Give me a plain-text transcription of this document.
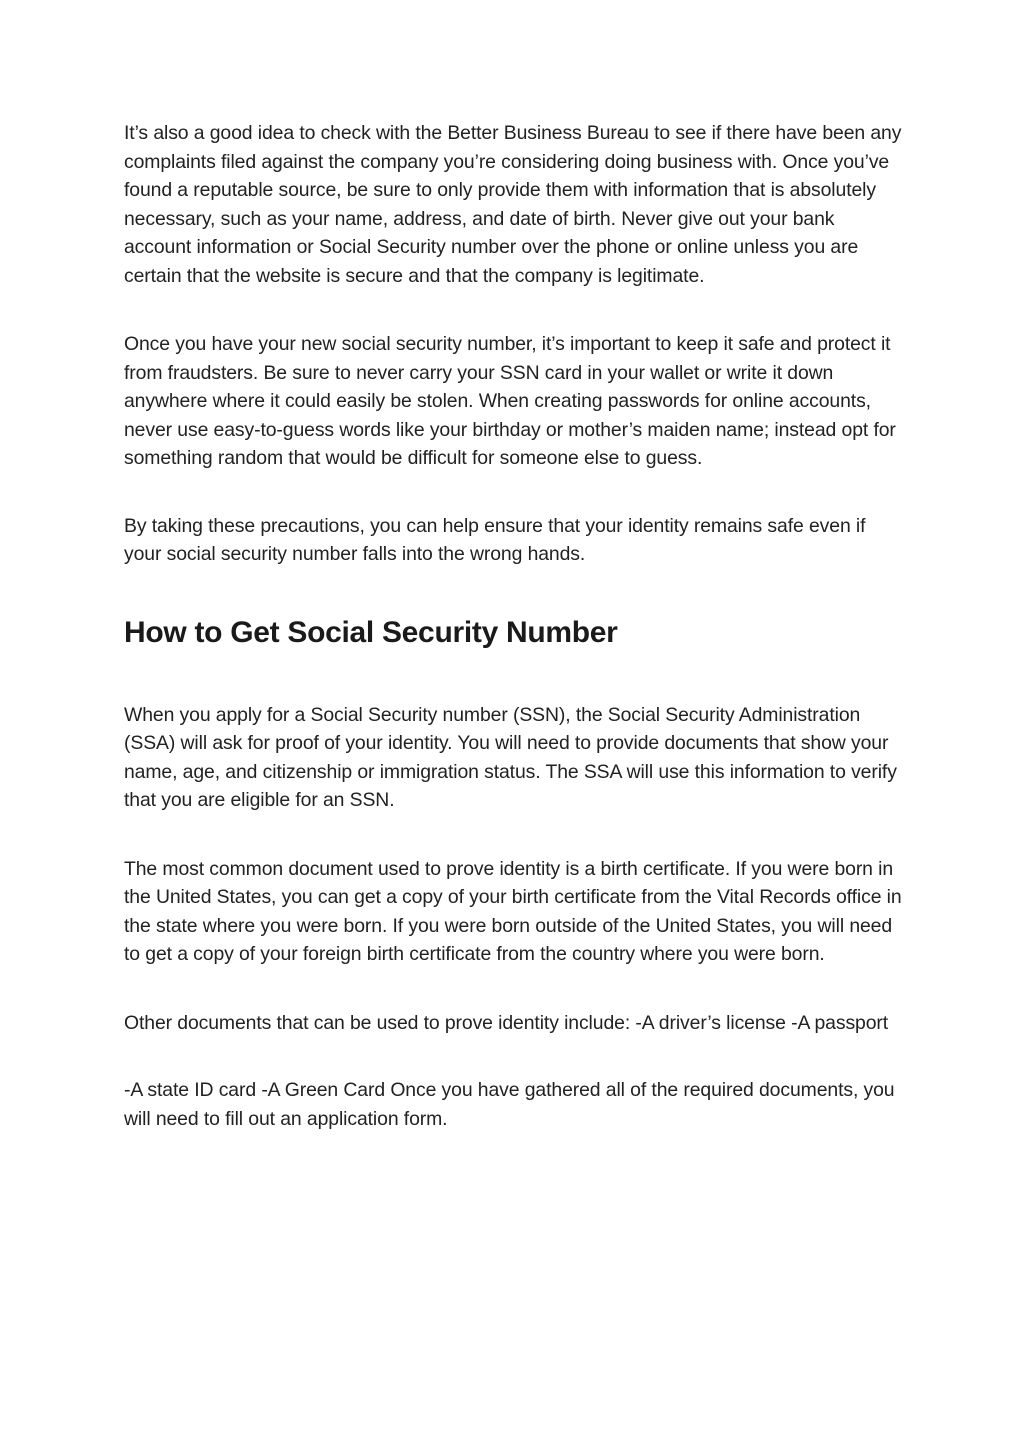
It’s also a good idea to check with the Better Business Bureau to see if there have been any complaints filed against the company you’re considering doing business with. Once you’ve found a reputable source, be sure to only provide them with information that is absolutely necessary, such as your name, address, and date of birth. Never give out your bank account information or Social Security number over the phone or online unless you are certain that the website is secure and that the company is legitimate.

Once you have your new social security number, it’s important to keep it safe and protect it from fraudsters. Be sure to never carry your SSN card in your wallet or write it down anywhere where it could easily be stolen. When creating passwords for online accounts, never use easy-to-guess words like your birthday or mother’s maiden name; instead opt for something random that would be difficult for someone else to guess.

By taking these precautions, you can help ensure that your identity remains safe even if your social security number falls into the wrong hands.

How to Get Social Security Number

When you apply for a Social Security number (SSN), the Social Security Administration (SSA) will ask for proof of your identity. You will need to provide documents that show your name, age, and citizenship or immigration status. The SSA will use this information to verify that you are eligible for an SSN.

The most common document used to prove identity is a birth certificate. If you were born in the United States, you can get a copy of your birth certificate from the Vital Records office in the state where you were born. If you were born outside of the United States, you will need to get a copy of your foreign birth certificate from the country where you were born.

Other documents that can be used to prove identity include: -A driver’s license -A passport

-A state ID card -A Green Card Once you have gathered all of the required documents, you will need to fill out an application form.
